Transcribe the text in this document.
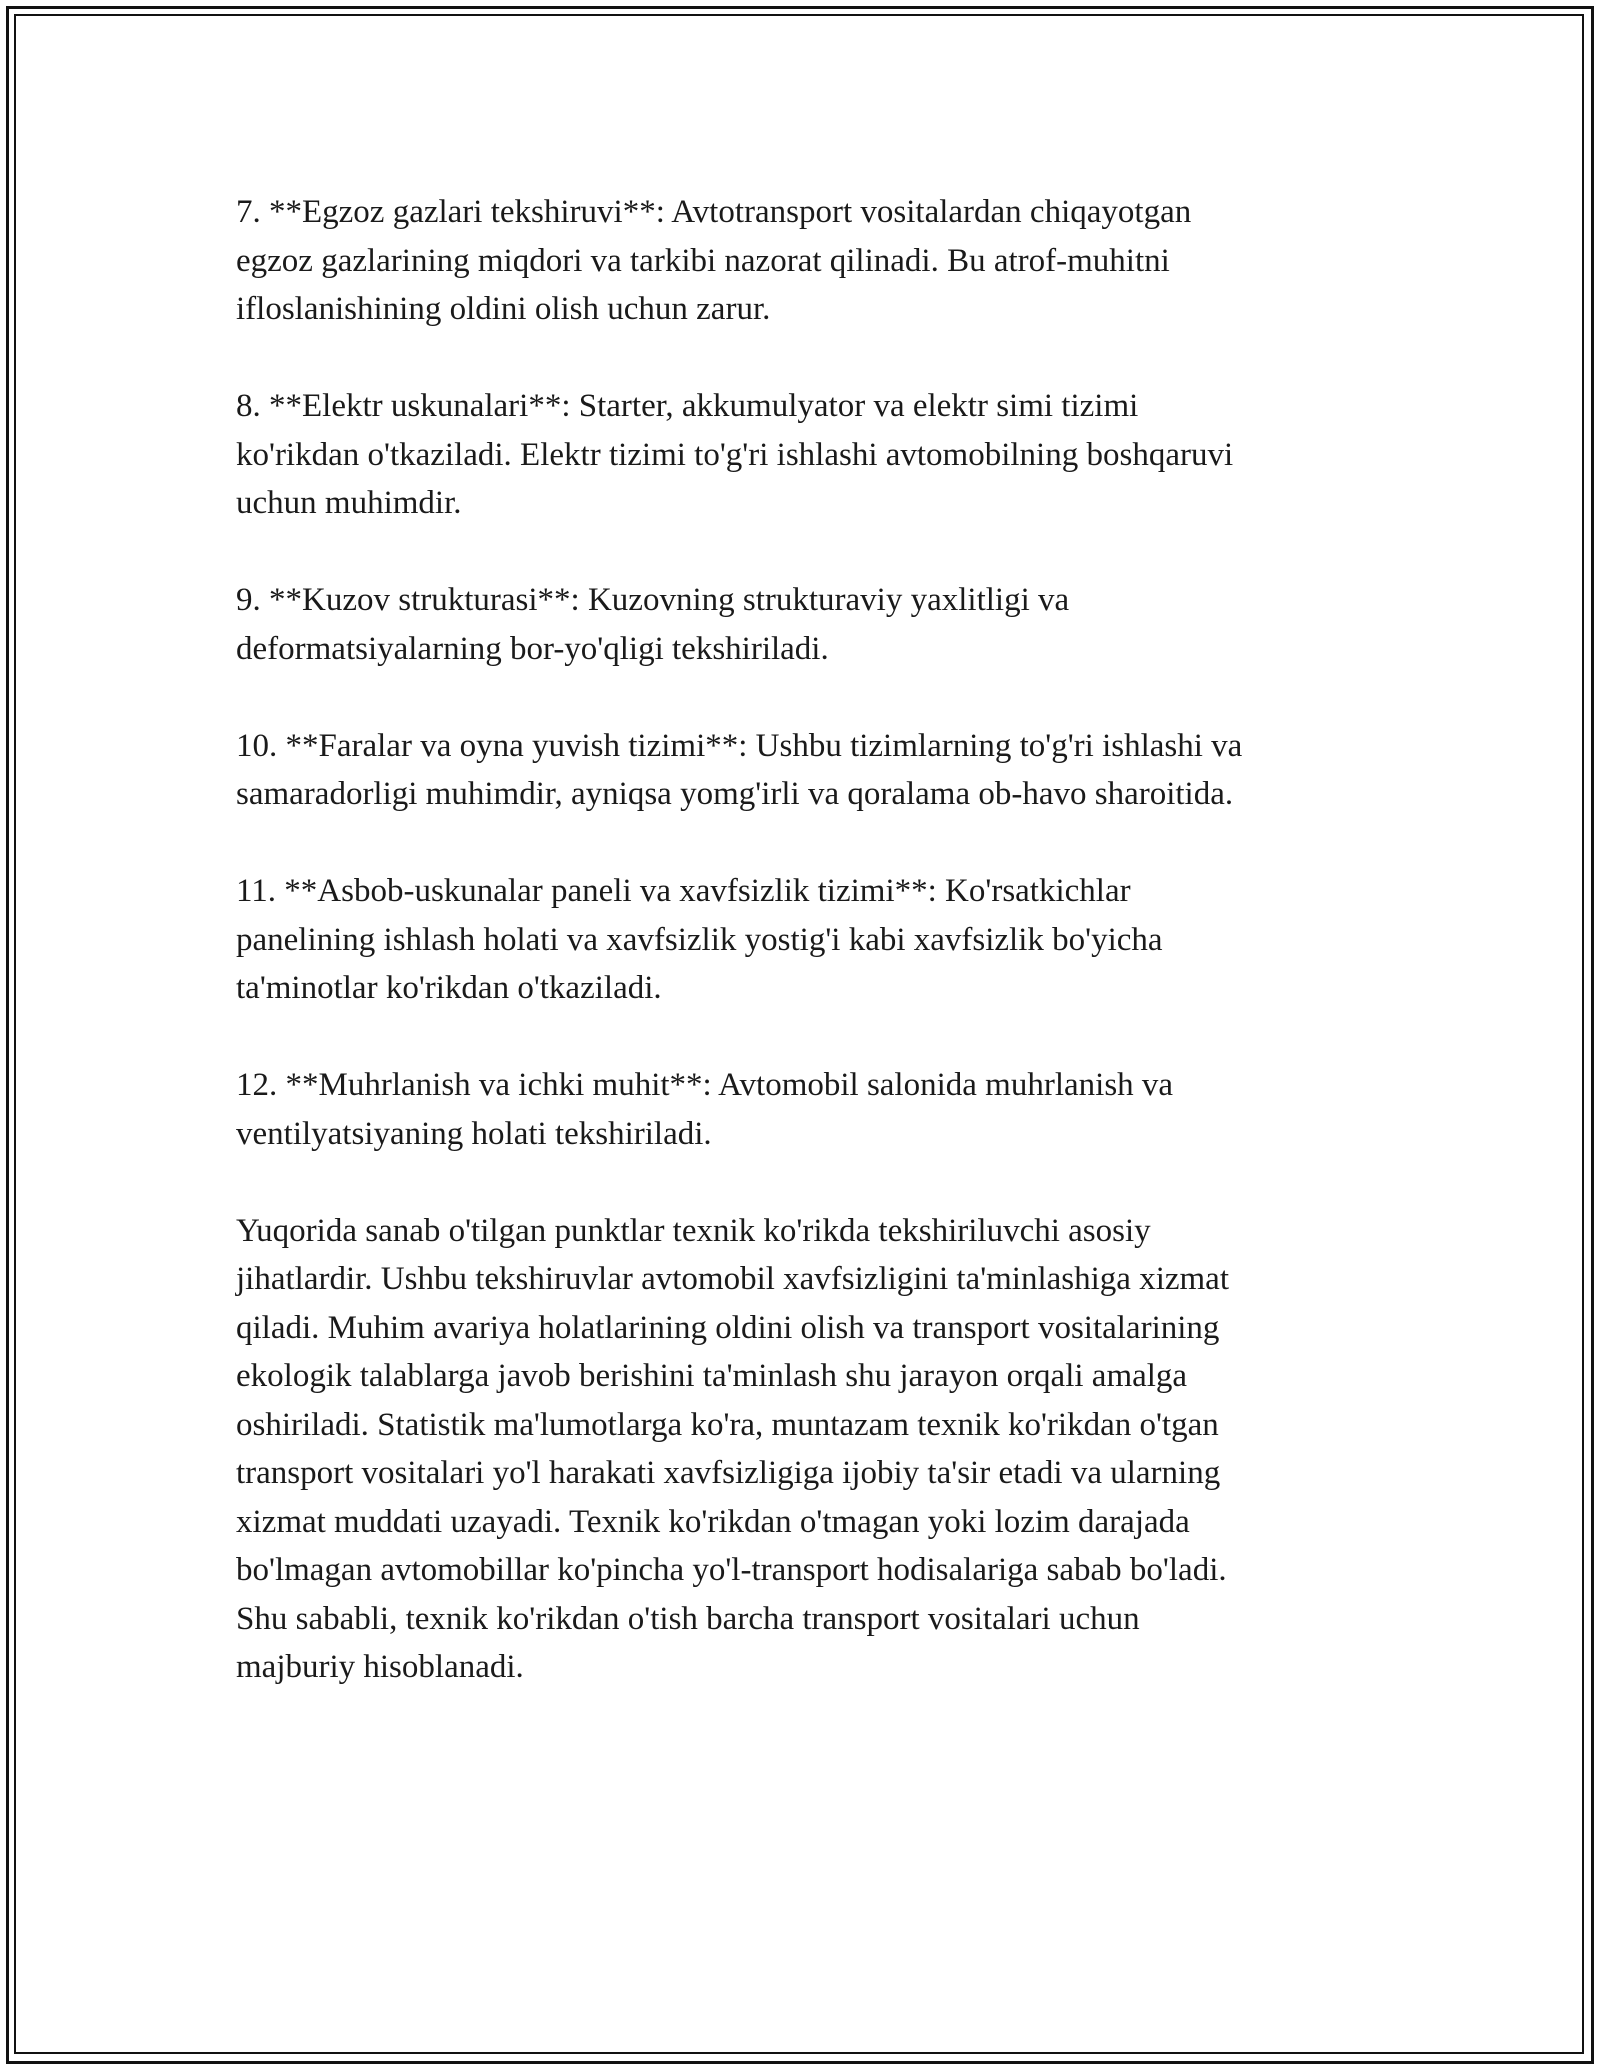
7. **Egzoz gazlari tekshiruvi**: Avtotransport vositalardan chiqayotgan
egzoz gazlarining miqdori va tarkibi nazorat qilinadi. Bu atrof-muhitni
ifloslanishining oldini olish uchun zarur.

8. **Elektr uskunalari**: Starter, akkumulyator va elektr simi tizimi
ko'rikdan o'tkaziladi. Elektr tizimi to'g'ri ishlashi avtomobilning boshqaruvi
uchun muhimdir.

9. **Kuzov strukturasi**: Kuzovning strukturaviy yaxlitligi va
deformatsiyalarning bor-yo'qligi tekshiriladi.

10. **Faralar va oyna yuvish tizimi**: Ushbu tizimlarning to'g'ri ishlashi va
samaradorligi muhimdir, ayniqsa yomg'irli va qoralama ob-havo sharoitida.

11. **Asbob-uskunalar paneli va xavfsizlik tizimi**: Ko'rsatkichlar
panelining ishlash holati va xavfsizlik yostig'i kabi xavfsizlik bo'yicha
ta'minotlar ko'rikdan o'tkaziladi.

12. **Muhrlanish va ichki muhit**: Avtomobil salonida muhrlanish va
ventilyatsiyaning holati tekshiriladi.

Yuqorida sanab o'tilgan punktlar texnik ko'rikda tekshiriluvchi asosiy
jihatlardir. Ushbu tekshiruvlar avtomobil xavfsizligini ta'minlashiga xizmat
qiladi. Muhim avariya holatlarining oldini olish va transport vositalarining
ekologik talablarga javob berishini ta'minlash shu jarayon orqali amalga
oshiriladi. Statistik ma'lumotlarga ko'ra, muntazam texnik ko'rikdan o'tgan
transport vositalari yo'l harakati xavfsizligiga ijobiy ta'sir etadi va ularning
xizmat muddati uzayadi. Texnik ko'rikdan o'tmagan yoki lozim darajada
bo'lmagan avtomobillar ko'pincha yo'l-transport hodisalariga sabab bo'ladi.
Shu sababli, texnik ko'rikdan o'tish barcha transport vositalari uchun
majburiy hisoblanadi.
